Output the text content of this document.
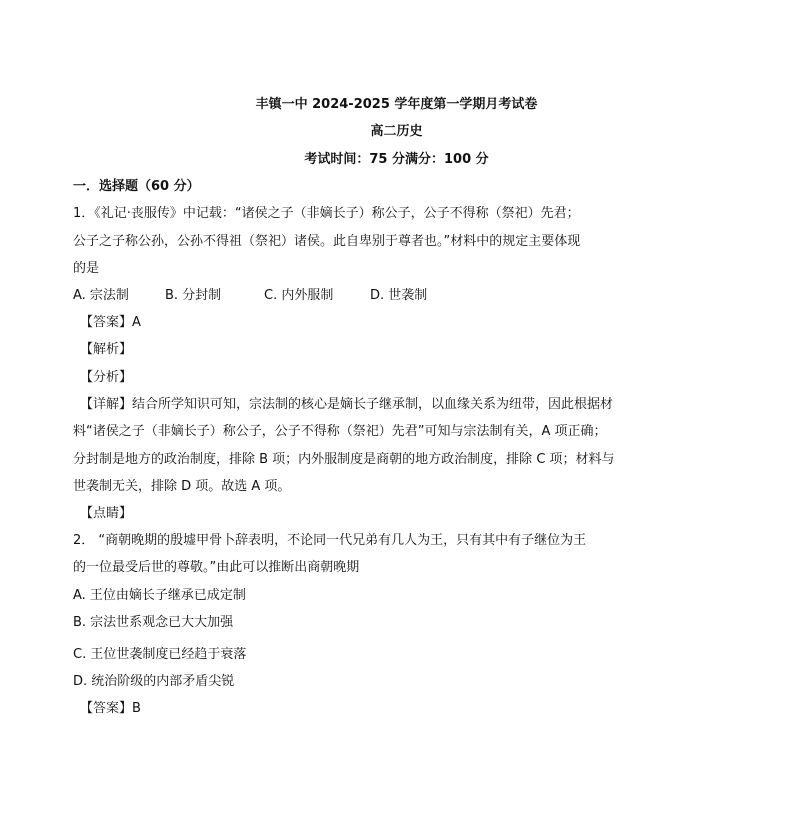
丰镇一中 2024-2025 学年度第一学期月考试卷
高二历史
考试时间：75 分满分：100 分
一．选择题（60 分）
1．《礼记·丧服传》中记载：“诸侯之子（非嫡长子）称公子，公子不得称（祭祀）先君；
公子之子称公孙，公孙不得祖（祭祀）诸侯。此自卑别于尊者也。”材料中的规定主要体现
的是
A. 宗法制	B. 分封制	C. 内外服制	D. 世袭制
【答案】A
【解析】
【分析】
【详解】结合所学知识可知，宗法制的核心是嫡长子继承制，以血缘关系为纽带，因此根据材
料“诸侯之子（非嫡长子）称公子，公子不得称（祭祀）先君”可知与宗法制有关，A 项正确；
分封制是地方的政治制度，排除 B 项；内外服制度是商朝的地方政治制度，排除 C 项；材料与
世袭制无关，排除 D 项。故选 A 项。
【点睛】
2． “商朝晚期的殷墟甲骨卜辞表明，不论同一代兄弟有几人为王，只有其中有子继位为王
的一位最受后世的尊敬。”由此可以推断出商朝晚期
A. 王位由嫡长子继承已成定制
B. 宗法世系观念已大大加强
C. 王位世袭制度已经趋于衰落
D. 统治阶级的内部矛盾尖锐
【答案】B
